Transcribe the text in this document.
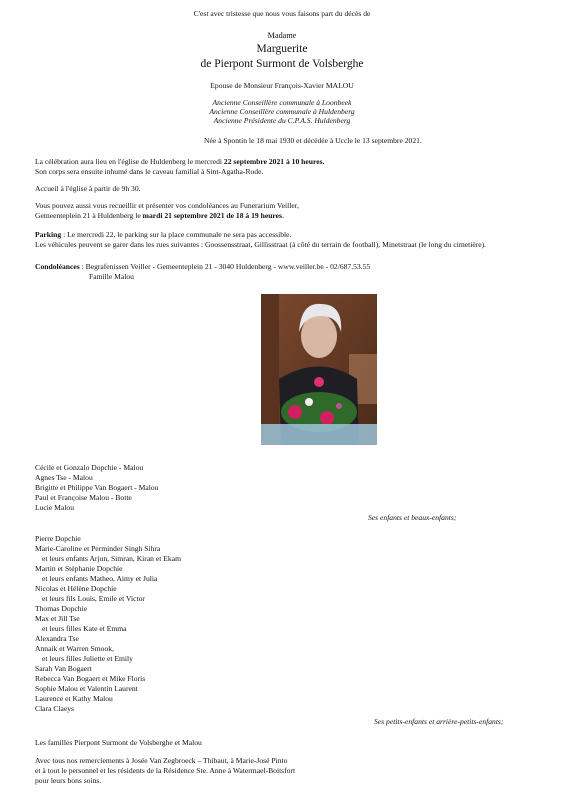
C'est avec tristesse que nous vous faisons part du décès de
Madame
Marguerite
de Pierpont Surmont de Volsberghe
Epouse de Monsieur François-Xavier MALOU
Ancienne Conseillère communale à Loonbeek
Ancienne Conseillère communale à Huldenberg
Ancienne Présidente du C.P.A.S. Huldenberg
Née à Spontin le 18 mai 1930 et décédée à Uccle le 13 septembre 2021.
La célébration aura lieu en l'église de Huldenberg le mercredi 22 septembre 2021 à 10 heures.
Son corps sera ensuite inhumé dans le caveau familial à Sint-Agatha-Rode.
Accueil à l'église à partir de 9h 30.
Vous pouvez aussi vous recueillir et présenter vos condoléances au Funerarium Veiller,
Gemeenteplein 21 à Huldenberg le mardi 21 septembre 2021 de 18 à 19 heures.
Parking : Le mercredi 22, le parking sur la place communale ne sera pas accessible.
Les véhicules peuvent se garer dans les rues suivantes : Goossensstraat, Gillisstraat (à côté du terrain de football), Minetstraat (le long du cimetière).
Condoléances : Begrafenissen Veiller - Gemeenteplein 21 - 3040 Huldenberg - www.veiller.be - 02/687.53.55
Famille Malou
Cécile et Gonzalo Dopchie - Malou
Agnes Tse - Malou
Brigitte et Philippe Van Bogaert - Malou
Paul et Françoise Malou - Botte
Lucie Malou
Ses enfants et beaux-enfants;
Pierre Dopchie
Marie-Caroline et Perminder Singh Sihra
et leurs enfants Arjun, Simran, Kiran et Ekam
Martin et Stéphanie Dopchie
et leurs enfants Matheo, Aimy et Julia
Nicolas et Hélène Dopchie
et leurs fils Louis, Emile et Victor
Thomas Dopchie
Max et Jill Tse
et leurs filles Kate et Emma
Alexandra Tse
Annaik et Warren Smook,
et leurs filles Juliette et Emily
Sarah Van Bogaert
Rebecca Van Bogaert et Mike Floris
Sophie Malou et Valentin Laurent
Laurence et Kathy Malou
Clara Claeys
Ses petits-enfants et arrière-petits-enfants;
Les familles Pierpont Surmont de Volsberghe et Malou
Avec tous nos remerciements à Josée Van Zegbroeck – Thibaut, à Marie-José Pinto
et à tout le personnel et les résidents de la Résidence Ste. Anne à Watermael-Boitsfort
pour leurs bons soins.
